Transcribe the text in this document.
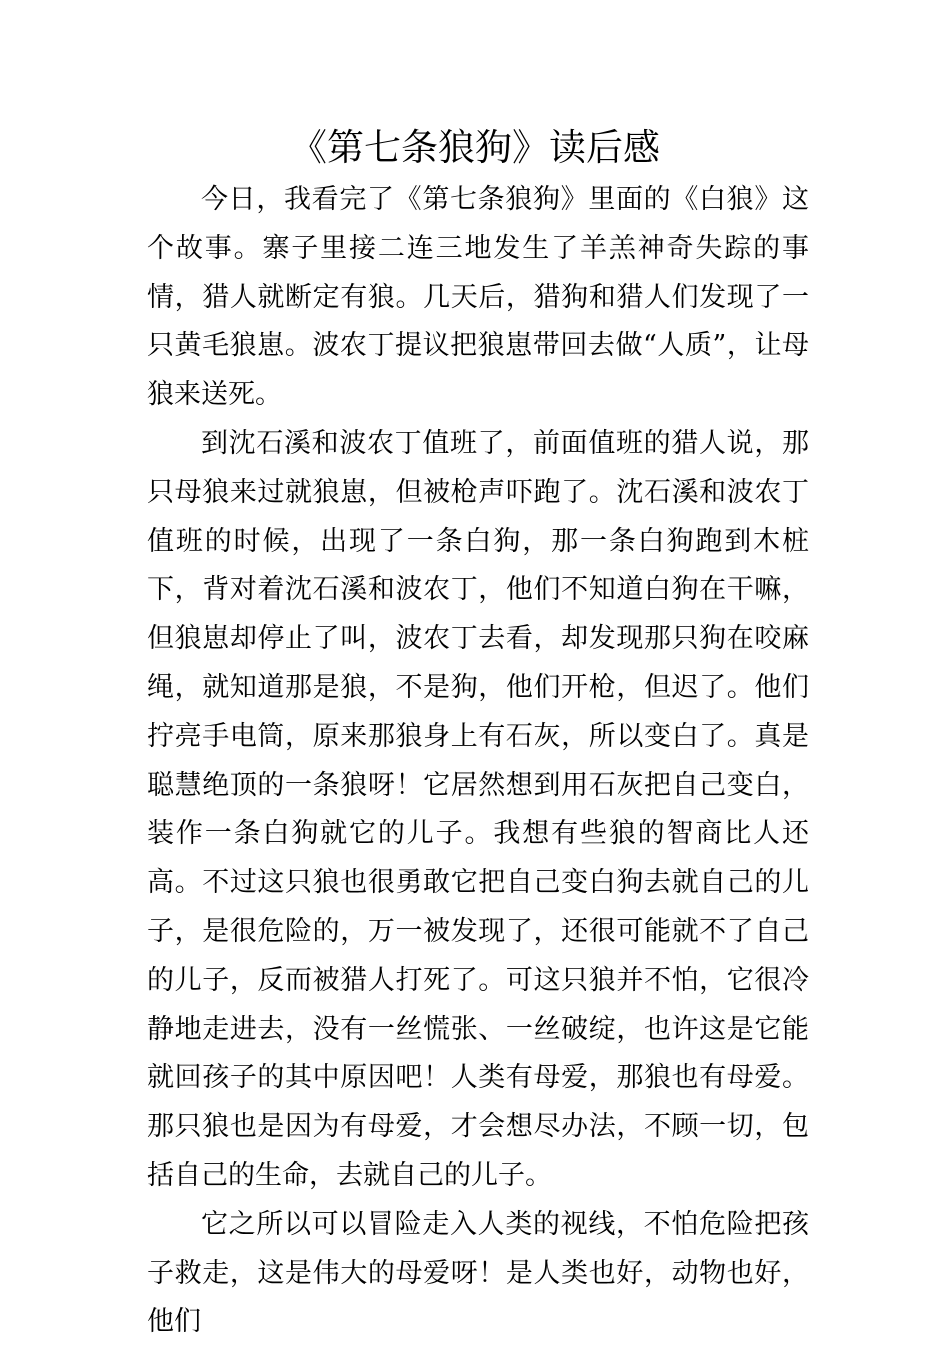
《第七条狼狗》读后感

今日，我看完了《第七条狼狗》里面的《白狼》这个故事。寨子里接二连三地发生了羊羔神奇失踪的事情，猎人就断定有狼。几天后，猎狗和猎人们发现了一只黄毛狼崽。波农丁提议把狼崽带回去做“人质”，让母狼来送死。

到沈石溪和波农丁值班了，前面值班的猎人说，那只母狼来过就狼崽，但被枪声吓跑了。沈石溪和波农丁值班的时候，出现了一条白狗，那一条白狗跑到木桩下，背对着沈石溪和波农丁，他们不知道白狗在干嘛，但狼崽却停止了叫，波农丁去看，却发现那只狗在咬麻绳，就知道那是狼，不是狗，他们开枪，但迟了。他们拧亮手电筒，原来那狼身上有石灰，所以变白了。真是聪慧绝顶的一条狼呀！它居然想到用石灰把自己变白，装作一条白狗就它的儿子。我想有些狼的智商比人还高。不过这只狼也很勇敢它把自己变白狗去就自己的儿子，是很危险的，万一被发现了，还很可能就不了自己的儿子，反而被猎人打死了。可这只狼并不怕，它很冷静地走进去，没有一丝慌张、一丝破绽，也许这是它能就回孩子的其中原因吧！人类有母爱，那狼也有母爱。那只狼也是因为有母爱，才会想尽办法，不顾一切，包括自己的生命，去就自己的儿子。

它之所以可以冒险走入人类的视线，不怕危险把孩子救走，这是伟大的母爱呀！是人类也好，动物也好，他们
